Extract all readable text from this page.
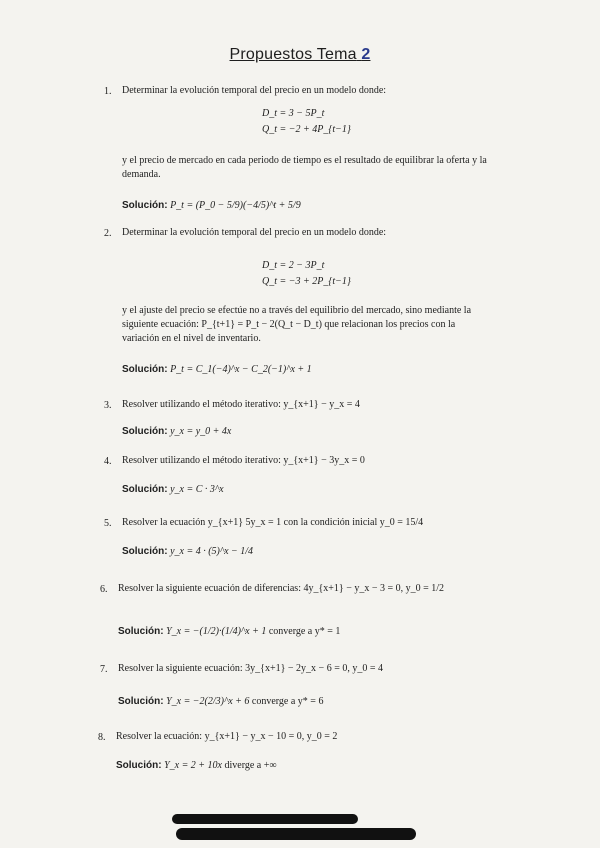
Propuestos Tema 2
1. Determinar la evolución temporal del precio en un modelo donde:
D_t = 3 − 5P_t
Q_t = −2 + 4P_{t−1}
y el precio de mercado en cada periodo de tiempo es el resultado de equilibrar la oferta y la demanda.
Solución: P_t = (P_0 − 5/9)(−4/5)^t + 5/9
2. Determinar la evolución temporal del precio en un modelo donde:
D_t = 2 − 3P_t
Q_t = −3 + 2P_{t−1}
y el ajuste del precio se efectúe no a través del equilibrio del mercado, sino mediante la siguiente ecuación: P_{t+1} = P_t − 2(Q_t − D_t) que relacionan los precios con la variación en el nivel de inventario.
Solución: P_t = C_1(−4)^x − C_2(−1)^x + 1
3. Resolver utilizando el método iterativo: y_{x+1} − y_x = 4
Solución: y_x = y_0 + 4x
4. Resolver utilizando el método iterativo: y_{x+1} − 3y_x = 0
Solución: y_x = C · 3^x
5. Resolver la ecuación y_{x+1} 5y_x = 1 con la condición inicial y_0 = 15/4
Solución: y_x = 4 · (5)^x − 1/4
6. Resolver la siguiente ecuación de diferencias: 4y_{x+1} − y_x − 3 = 0, y_0 = 1/2
Solución: Y_x = −(1/2)·(1/4)^x + 1 converge a y* = 1
7. Resolver la siguiente ecuación: 3y_{x+1} − 2y_x − 6 = 0, y_0 = 4
Solución: Y_x = −2(2/3)^x + 6 converge a y* = 6
8. Resolver la ecuación: y_{x+1} − y_x − 10 = 0, y_0 = 2
Solución: Y_x = 2 + 10x diverge a +∞
